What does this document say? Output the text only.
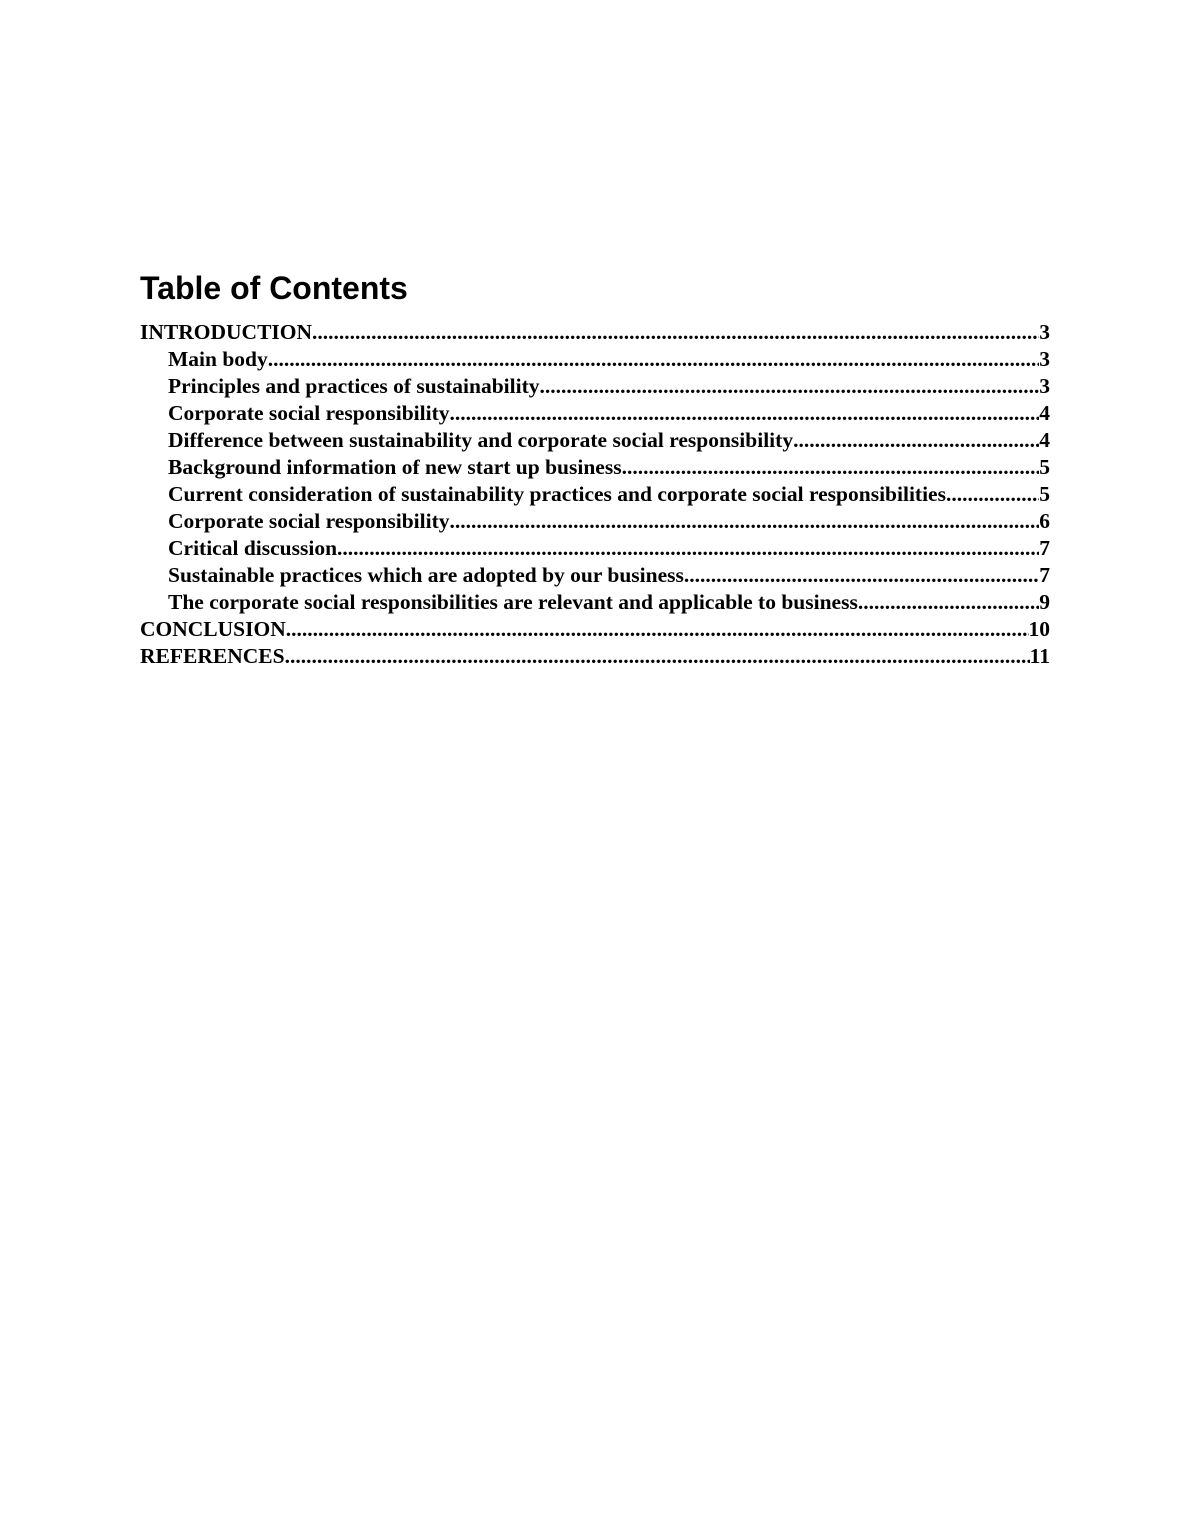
Table of Contents
INTRODUCTION .....	3
Main body .....	3
Principles and practices of sustainability .....	3
Corporate social responsibility .....	4
Difference between sustainability and corporate social responsibility .....	4
Background information of new start up business .....	5
Current consideration of sustainability practices and corporate social responsibilities .....	5
Corporate social responsibility .....	6
Critical discussion .....	7
Sustainable practices which are adopted by our business .....	7
The corporate social responsibilities are relevant and applicable to business .....	9
CONCLUSION .....	10
REFERENCES .....	11
